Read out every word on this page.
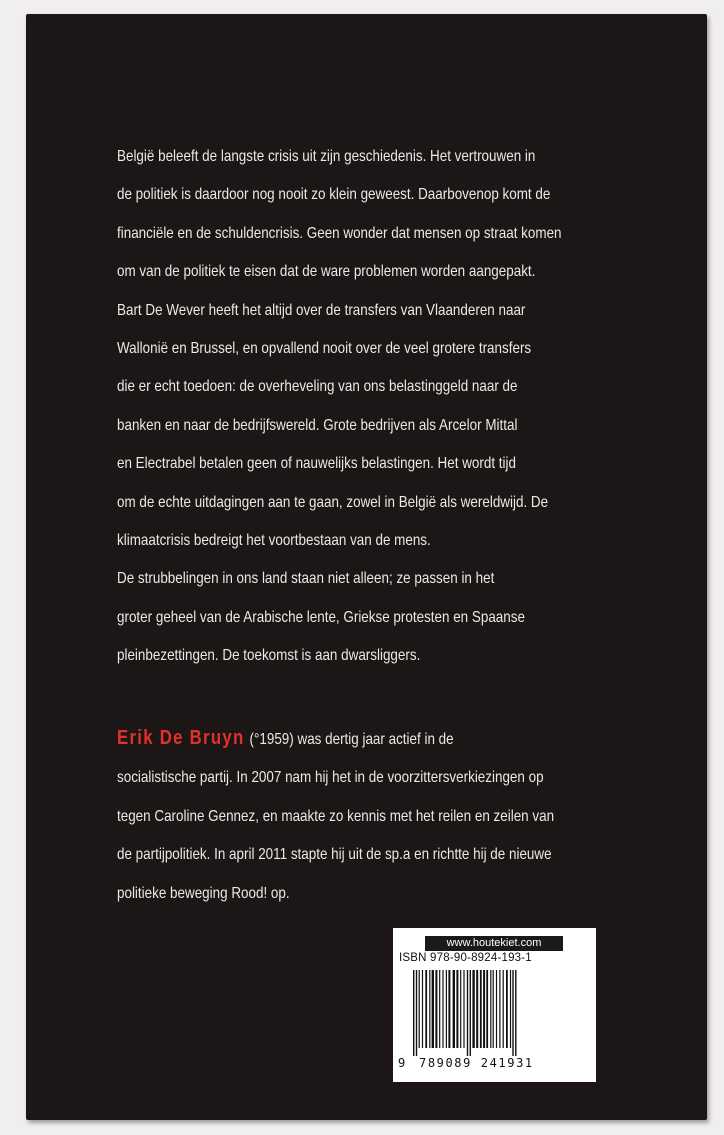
België beleeft de langste crisis uit zijn geschiedenis. Het vertrouwen in
de politiek is daardoor nog nooit zo klein geweest. Daarbovenop komt de
financiële en de schuldencrisis. Geen wonder dat mensen op straat komen
om van de politiek te eisen dat de ware problemen worden aangepakt.
Bart De Wever heeft het altijd over de transfers van Vlaanderen naar
Wallonië en Brussel, en opvallend nooit over de veel grotere transfers
die er echt toedoen: de overheveling van ons belastinggeld naar de
banken en naar de bedrijfswereld. Grote bedrijven als Arcelor Mittal
en Electrabel betalen geen of nauwelijks belastingen. Het wordt tijd
om de echte uitdagingen aan te gaan, zowel in België als wereldwijd. De
klimaatcrisis bedreigt het voortbestaan van de mens.

De strubbelingen in ons land staan niet alleen; ze passen in het
groter geheel van de Arabische lente, Griekse protesten en Spaanse
pleinbezettingen. De toekomst is aan dwarsliggers.

Erik De Bruyn (°1959) was dertig jaar actief in de
socialistische partij. In 2007 nam hij het in de voorzittersverkiezingen op
tegen Caroline Gennez, en maakte zo kennis met het reilen en zeilen van
de partijpolitiek. In april 2011 stapte hij uit de sp.a en richtte hij de nieuwe
politieke beweging Rood! op.
www.houtekiet.com
ISBN 978-90-8924-193-1
9 789089 241931
